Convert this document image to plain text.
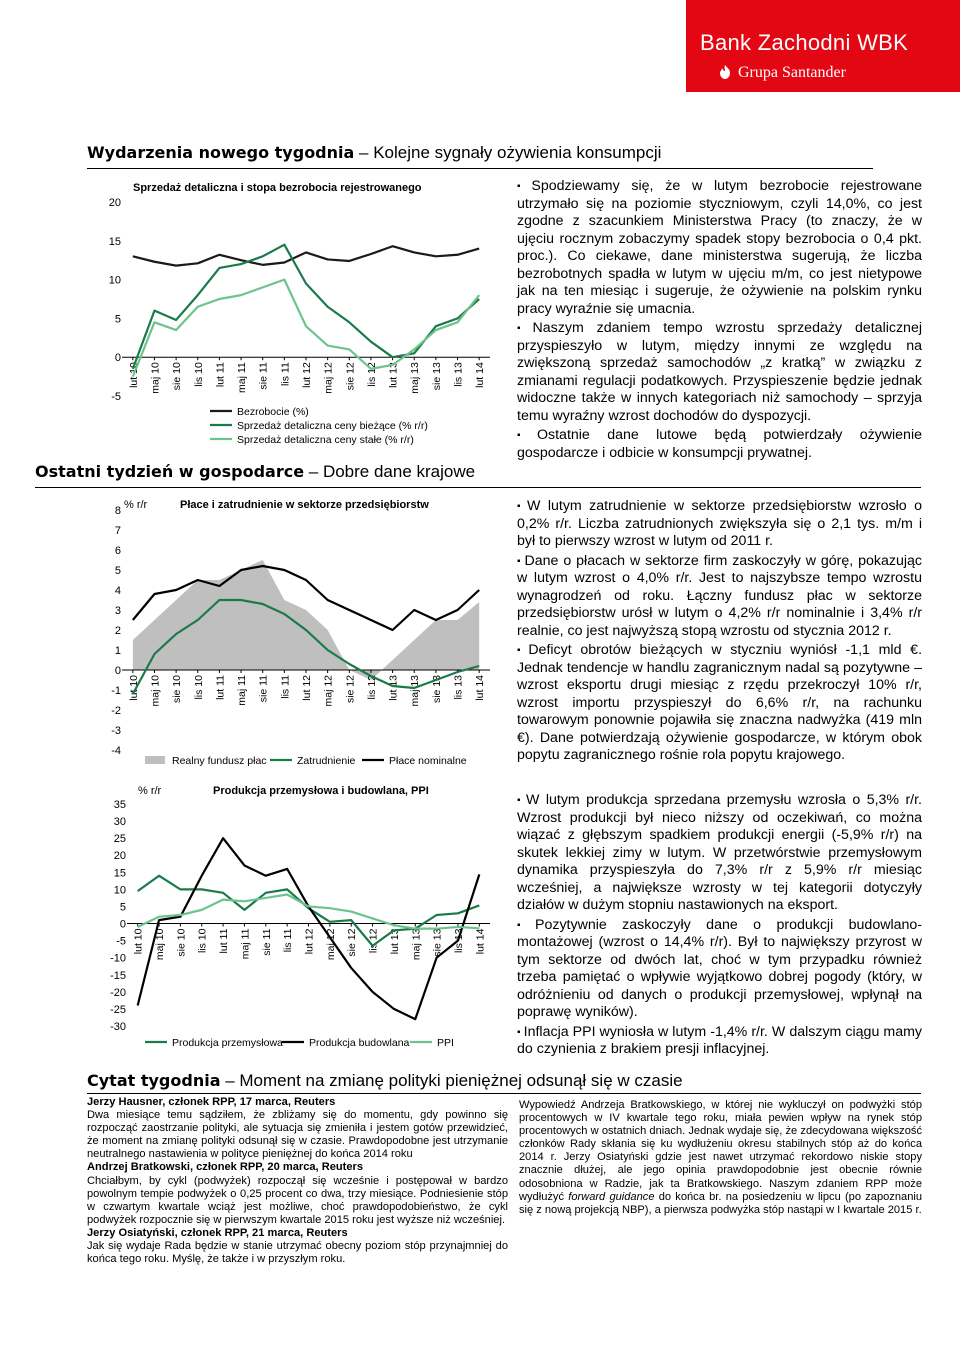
Bank Zachodni WBK
Grupa Santander
Wydarzenia nowego tygodnia – Kolejne sygnały ożywienia konsumpcji
Sprzedaż detaliczna i stopa bezrobocia rejestrowanego
-5
0
5
10
15
20
lut 10 maj 10 sie 10 lis 10 lut 11 maj 11 sie 11 lis 11 lut 12 maj 12 sie 12 lis 12 lut 13 maj 13 sie 13 lis 13 lut 14
Bezrobocie (%)
Sprzedaż detaliczna ceny bieżące (% r/r)
Sprzedaż detaliczna ceny stałe (% r/r)

▪ Spodziewamy się, że w lutym bezrobocie rejestrowane utrzymało się na poziomie styczniowym, czyli 14,0%, co jest zgodne z szacunkiem Ministerstwa Pracy (to znaczy, że w ujęciu rocznym zobaczymy spadek stopy bezrobocia o 0,4 pkt. proc.). Co ciekawe, dane ministerstwa sugerują, że liczba bezrobotnych spadła w lutym w ujęciu m/m, co jest nietypowe jak na ten miesiąc i sugeruje, że ożywienie na polskim rynku pracy wyraźnie się umacnia.

▪ Naszym zdaniem tempo wzrostu sprzedaży detalicznej przyspieszyło w lutym, między innymi ze względu na zwiększoną sprzedaż samochodów „z kratką” w związku z zmianami regulacji podatkowych. Przyspieszenie będzie jednak widoczne także w innych kategoriach niż samochody – sprzyja temu wyraźny wzrost dochodów do dyspozycji.

▪ Ostatnie dane lutowe będą potwierdzały ożywienie gospodarcze i odbicie w konsumpcji prywatnej.

Ostatni tydzień w gospodarce – Dobre dane krajowe
Płace i zatrudnienie w sektorze przedsiębiorstw
% r/r
-4
-3
-2
-1
0
1
2
3
4
5
6
7
8
lut 10 maj 10 sie 10 lis 10 lut 11 maj 11 sie 11 lis 11 lut 12 maj 12 sie 12 lis 12 lut 13 maj 13 sie 13 lis 13 lut 14
Realny fundusz płac	Zatrudnienie	Płace nominalne

▪ W lutym zatrudnienie w sektorze przedsiębiorstw wzrosło o 0,2% r/r. Liczba zatrudnionych zwiększyła się o 2,1 tys. m/m i był to pierwszy wzrost w lutym od 2011 r.

▪ Dane o płacach w sektorze firm zaskoczyły w górę, pokazując w lutym wzrost o 4,0% r/r. Jest to najszybsze tempo wzrostu wynagrodzeń od roku. Łączny fundusz płac w sektorze przedsiębiorstw urósł w lutym o 4,2% r/r nominalnie i 3,4% r/r realnie, co jest najwyższą stopą wzrostu od stycznia 2012 r.

▪ Deficyt obrotów bieżących w styczniu wyniósł -1,1 mld €. Jednak tendencje w handlu zagranicznym nadal są pozytywne – wzrost eksportu drugi miesiąc z rzędu przekroczył 10% r/r, wzrost importu przyspieszył do 6,6% r/r, na rachunku towarowym ponownie pojawiła się znaczna nadwyżka (419 mln €). Dane potwierdzają ożywienie gospodarcze, w którym obok popytu zagranicznego rośnie rola popytu krajowego.

Produkcja przemysłowa i budowlana, PPI
% r/r
-30
-25
-20
-15
-10
-5
0
5
10
15
20
25
30
35
lut 10 maj 10 sie 10 lis 10 lut 11 maj 11 sie 11 lis 11 lut 12 maj 12 sie 12 lis 12 lut 13 maj 13 sie 13 lis 13 lut 14
Produkcja przemysłowa Produkcja budowlana	PPI

▪ W lutym produkcja sprzedana przemysłu wzrosła o 5,3% r/r. Wzrost produkcji był nieco niższy od oczekiwań, co można wiązać z głębszym spadkiem produkcji energii (-5,9% r/r) na skutek lekkiej zimy w lutym. W przetwórstwie przemysłowym dynamika przyspieszyła do 7,3% r/r z 5,9% r/r miesiąc wcześniej, a największe wzrosty w tej kategorii dotyczyły działów w dużym stopniu nastawionych na eksport.

▪ Pozytywnie zaskoczyły dane o produkcji budowlano-montażowej (wzrost o 14,4% r/r). Był to największy przyrost w tym sektorze od dwóch lat, choć w tym przypadku również trzeba pamiętać o wpływie wyjątkowo dobrej pogody (który, w odróżnieniu od danych o produkcji przemysłowej, wpłynął na poprawę wyników).

▪ Inflacja PPI wyniosła w lutym -1,4% r/r. W dalszym ciągu mamy do czynienia z brakiem presji inflacyjnej.

Cytat tygodnia – Moment na zmianę polityki pieniężnej odsunął się w czasie
Jerzy Hausner, członek RPP, 17 marca, Reuters
Dwa miesiące temu sądziłem, że zbliżamy się do momentu, gdy powinno się rozpocząć zaostrzanie polityki, ale sytuacja się zmieniła i jestem gotów przewidzieć, że moment na zmianę polityki odsunął się w czasie. Prawdopodobne jest utrzymanie neutralnego nastawienia w polityce pieniężnej do końca 2014 roku
Andrzej Bratkowski, członek RPP, 20 marca, Reuters
Chciałbym, by cykl (podwyżek) rozpoczął się wcześnie i postępował w bardzo powolnym tempie podwyżek o 0,25 procent co dwa, trzy miesiące. Podniesienie stóp w czwartym kwartale wciąż jest możliwe, choć prawdopodobieństwo, że cykl podwyżek rozpocznie się w pierwszym kwartale 2015 roku jest wyższe niż wcześniej.
Jerzy Osiatyński, członek RPP, 21 marca, Reuters
Jak się wydaje Rada będzie w stanie utrzymać obecny poziom stóp przynajmniej do końca tego roku. Myślę, że także i w przyszłym roku.
Wypowiedź Andrzeja Bratkowskiego, w której nie wykluczył on podwyżki stóp procentowych w IV kwartale tego roku, miała pewien wpływ na rynek stóp procentowych w ostatnich dniach. Jednak wydaje się, że zdecydowana większość członków Rady skłania się ku wydłużeniu okresu stabilnych stóp aż do końca 2014 r. Jerzy Osiatyński gdzie jest nawet utrzymać rekordowo niskie stopy znacznie dłużej, ale jego opinia prawdopodobnie jest obecnie równie odosobniona w Radzie, jak ta Bratkowskiego. Naszym zdaniem RPP może wydłużyć forward guidance do końca br. na posiedzeniu w lipcu (po zapoznaniu się z nową projekcją NBP), a pierwsza podwyżka stóp nastąpi w I kwartale 2015 r.
